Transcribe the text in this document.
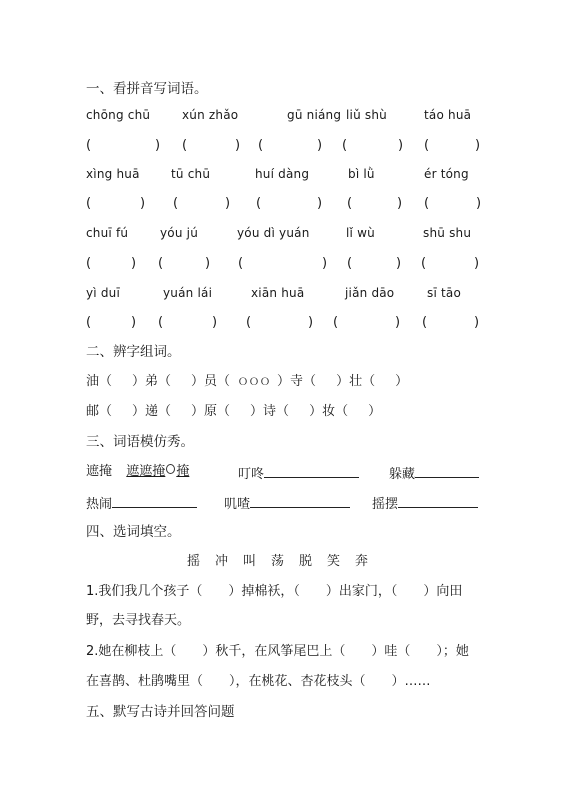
一、看拼音写词语。
chōng chū	xún zhǎo	gū niáng liǔ shù	táo huā
(	) (	) (	) (	) (	)
xìng huā	tū chū	huí dàng	bì lǜ	ér tóng
(	) (	) (	) (	) (	)
chuī fú	yóu jú	yóu dì yuán	lǐ wù	shū shu
(	) (	) (	) (	) (	)
yì duī	yuán lái	xiān huā	jiǎn dāo	sī tāo
(	) (	) (	) (	) (	)
二、辨字组词。
油（ ）弟（ ）员（ ＯＯＯ ）寺（ ）壮（ ）
邮（ ）递（ ）原（ ）诗（ ）妆（ ）
三、词语模仿秀。
遮掩 遮遮掩○掩	叮咚	躲藏
热闹	叽喳	摇摆
四、选词填空。
摇　冲　叫　荡　脱　笑　奔
1.我们我几个孩子（　　）掉棉袄，（　　）出家门，（　　）向田
野，去寻找春天。
2.她在柳枝上（　　）秋千，在风筝尾巴上（　　）哇（　　）；她
在喜鹊、杜鹃嘴里（　　），在桃花、杏花枝头（　　）……
五、默写古诗并回答问题
